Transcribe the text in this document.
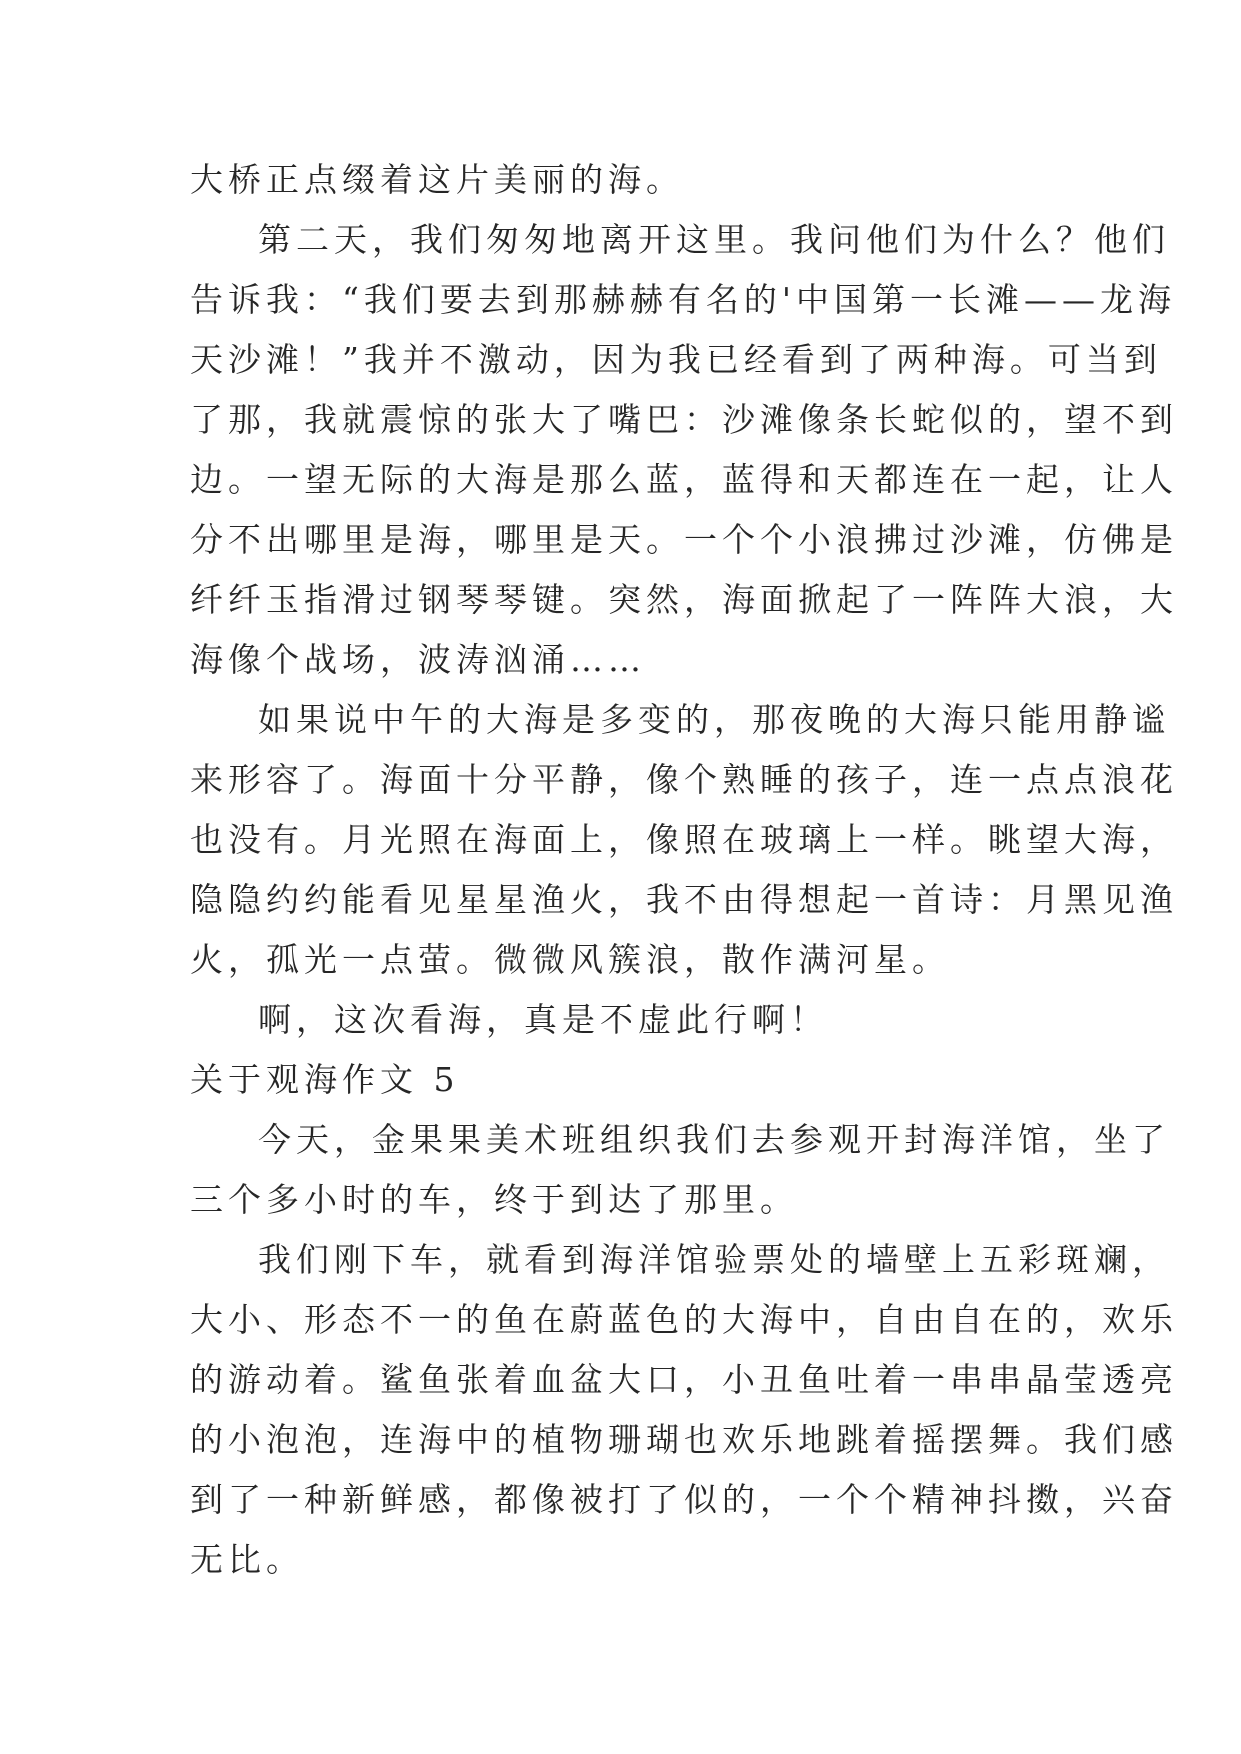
大桥正点缀着这片美丽的海。
第二天，我们匆匆地离开这里。我问他们为什么？他们
告诉我：“我们要去到那赫赫有名的'中国第一长滩——龙海
天沙滩！”我并不激动，因为我已经看到了两种海。可当到
了那，我就震惊的张大了嘴巴：沙滩像条长蛇似的，望不到
边。一望无际的大海是那么蓝，蓝得和天都连在一起，让人
分不出哪里是海，哪里是天。一个个小浪拂过沙滩，仿佛是
纤纤玉指滑过钢琴琴键。突然，海面掀起了一阵阵大浪，大
海像个战场，波涛汹涌……
如果说中午的大海是多变的，那夜晚的大海只能用静谧
来形容了。海面十分平静，像个熟睡的孩子，连一点点浪花
也没有。月光照在海面上，像照在玻璃上一样。眺望大海，
隐隐约约能看见星星渔火，我不由得想起一首诗：月黑见渔
火，孤光一点萤。微微风簇浪，散作满河星。
啊，这次看海，真是不虚此行啊！
关于观海作文 5
今天，金果果美术班组织我们去参观开封海洋馆，坐了
三个多小时的车，终于到达了那里。
我们刚下车，就看到海洋馆验票处的墙壁上五彩斑斓，
大小、形态不一的鱼在蔚蓝色的大海中，自由自在的，欢乐
的游动着。鲨鱼张着血盆大口，小丑鱼吐着一串串晶莹透亮
的小泡泡，连海中的植物珊瑚也欢乐地跳着摇摆舞。我们感
到了一种新鲜感，都像被打了似的，一个个精神抖擞，兴奋
无比。
